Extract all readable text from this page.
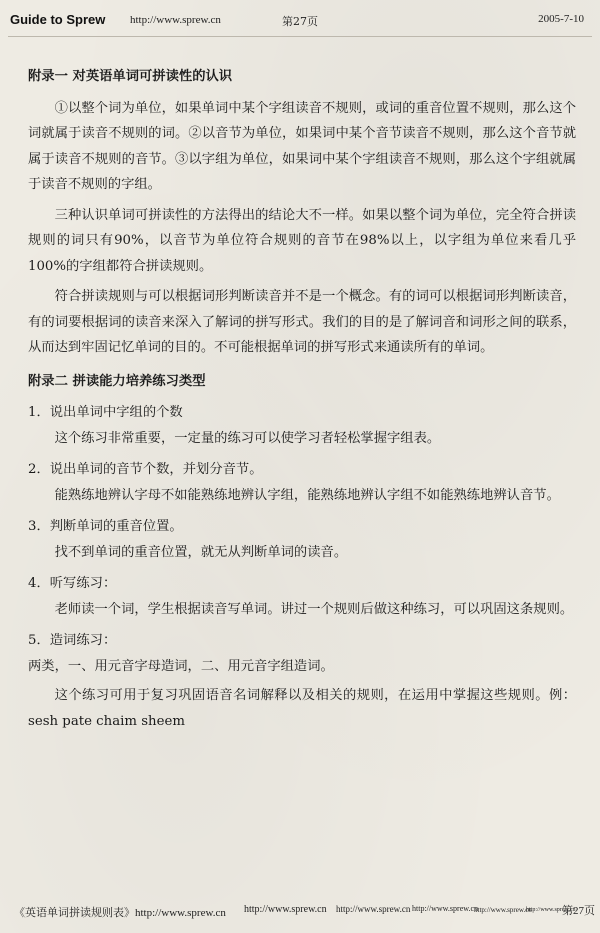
Guide to Sprew http://www.sprew.cn	第27页	2005-7-10
附录一 对英语单词可拼读性的认识

①以整个词为单位，如果单词中某个字组读音不规则，或词的重音位置不规则，那么这个词就属于读音不规则的词。②以音节为单位，如果词中某个音节读音不规则，那么这个音节就属于读音不规则的音节。③以字组为单位，如果词中某个字组读音不规则，那么这个字组就属于读音不规则的字组。

三种认识单词可拼读性的方法得出的结论大不一样。如果以整个词为单位，完全符合拼读规则的词只有90%，以音节为单位符合规则的音节在98%以上，以字组为单位来看几乎100%的字组都符合拼读规则。

符合拼读规则与可以根据词形判断读音并不是一个概念。有的词可以根据词形判断读音，有的词要根据词的读音来深入了解词的拼写形式。我们的目的是了解词音和词形之间的联系，从而达到牢固记忆单词的目的。不可能根据单词的拼写形式来通读所有的单词。

附录二 拼读能力培养练习类型

1．说出单词中字组的个数

这个练习非常重要，一定量的练习可以使学习者轻松掌握字组表。

2．说出单词的音节个数，并划分音节。

能熟练地辨认字母不如能熟练地辨认字组，能熟练地辨认字组不如能熟练地辨认音节。

3．判断单词的重音位置。

找不到单词的重音位置，就无从判断单词的读音。

4．听写练习：

老师读一个词，学生根据读音写单词。讲过一个规则后做这种练习，可以巩固这条规则。

5．造词练习：

两类，一、用元音字母造词，二、用元音字组造词。

这个练习可用于复习巩固语音名词解释以及相关的规则，在运用中掌握这些规则。例：sesh pate chaim sheem

《英语单词拼读规则表》http://www.sprew.cn http://www.sprew.cn http://www.sprew.cn http://www.sprew.cn
http://www.sprew.cn
http://www.sprew.cn
第27页
